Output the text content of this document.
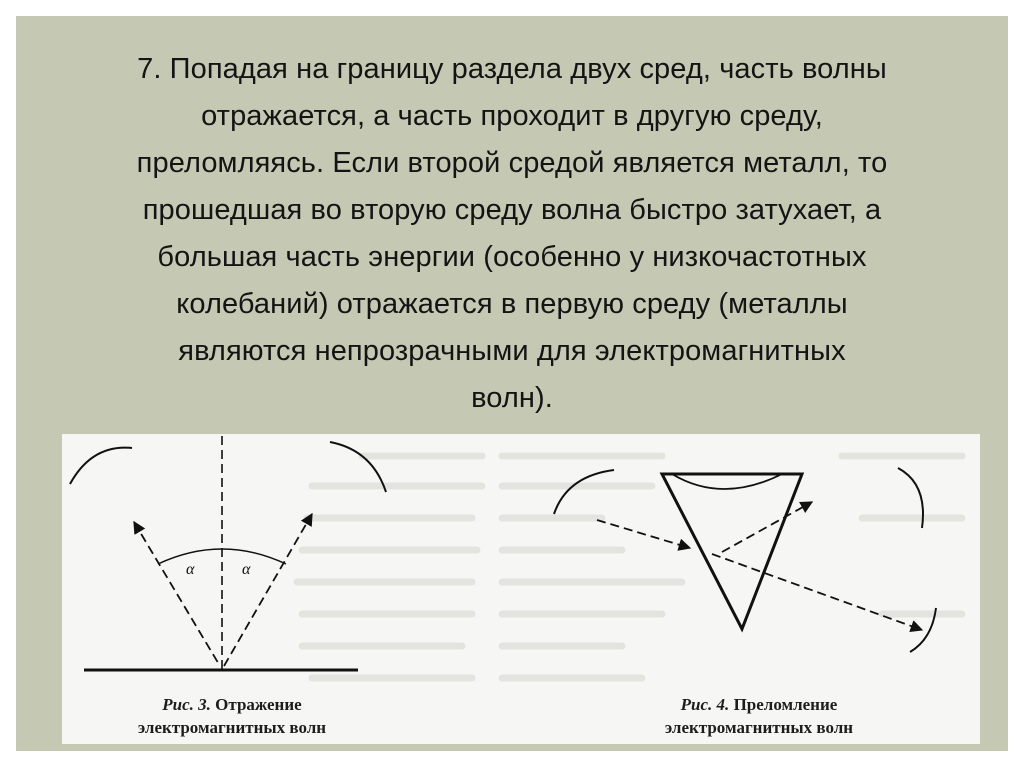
7. Попадая на границу раздела двух сред, часть волны
отражается, а часть проходит в другую среду,
преломляясь. Если второй средой является металл, то
прошедшая во вторую среду волна быстро затухает, а
большая часть энергии (особенно у низкочастотных
колебаний) отражается в первую среду (металлы
являются непрозрачными для электромагнитных
волн).

α	α
Рис. 3. Отражение
электромагнитных волн
Рис. 4. Преломление
электромагнитных волн
